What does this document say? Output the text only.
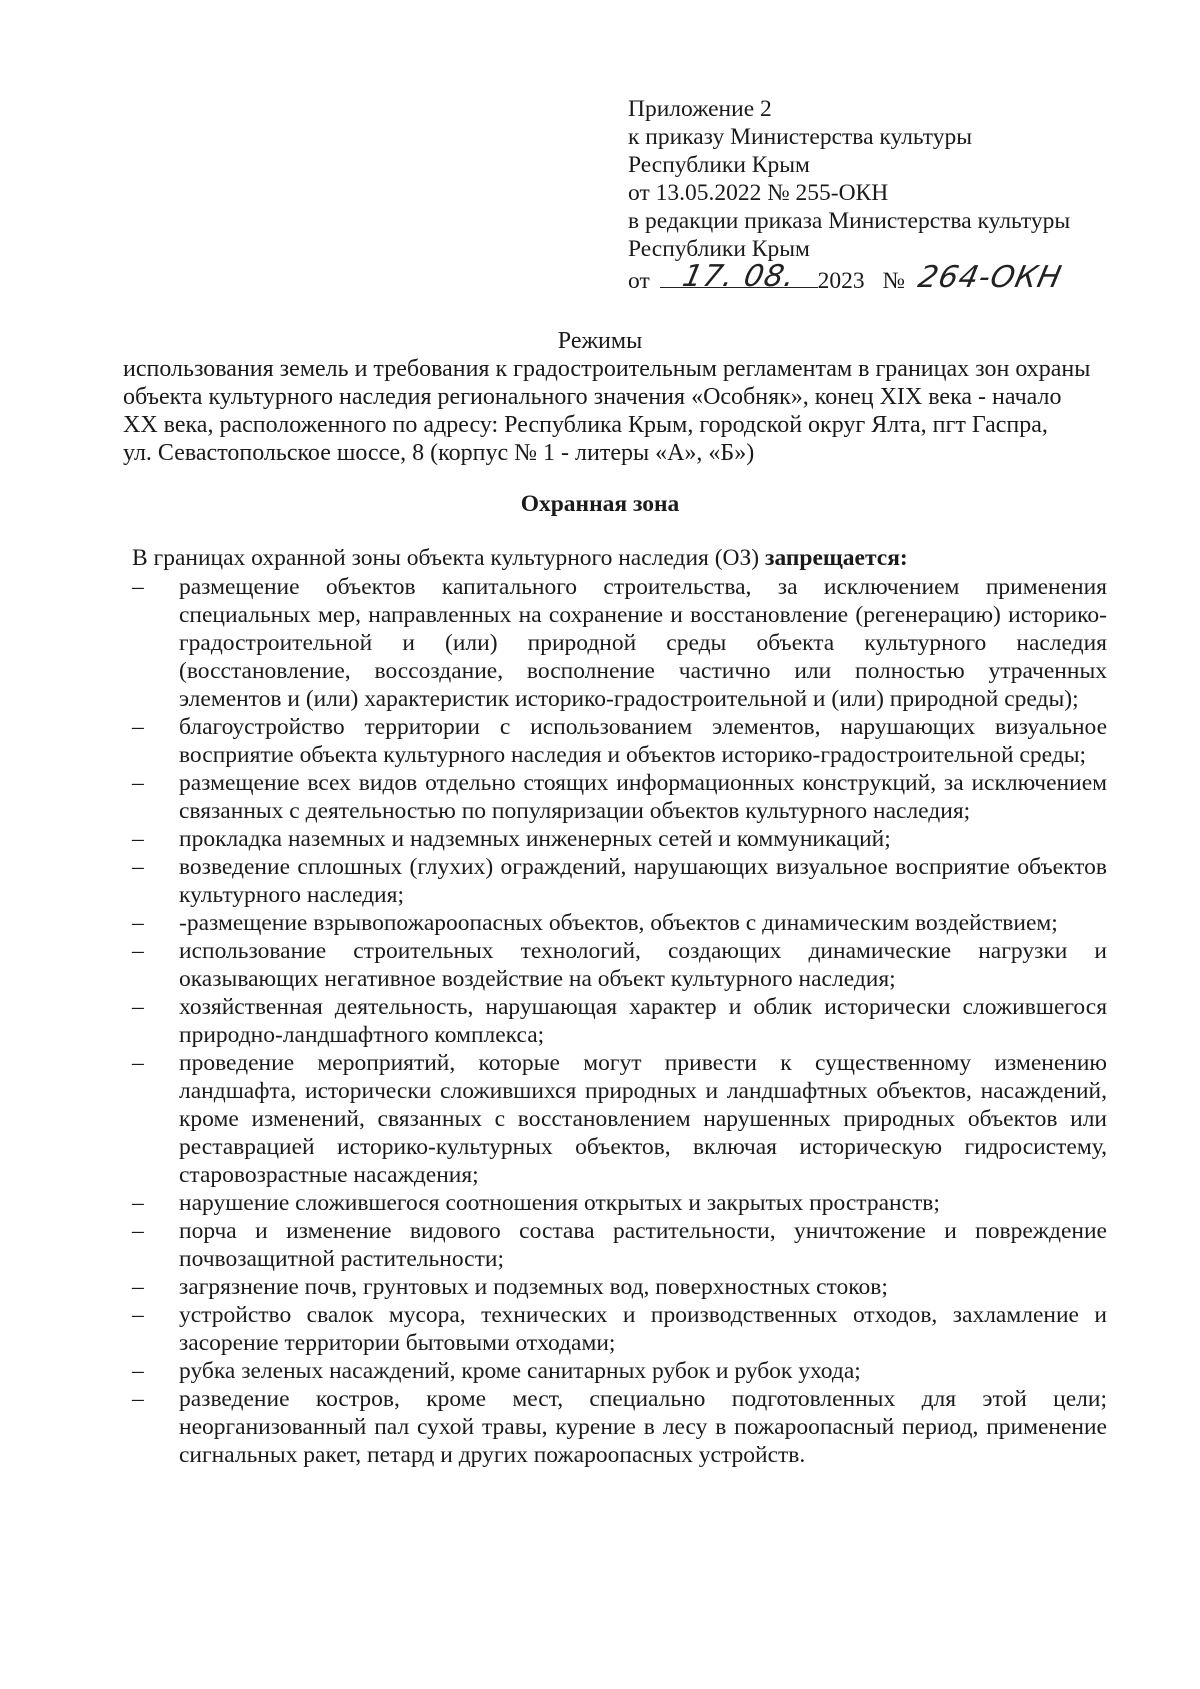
Приложение 2
к приказу Министерства культуры
Республики Крым
от 13.05.2022 № 255-ОКН
в редакции приказа Министерства культуры
Республики Крым
от 17. 08. 2023 № 264-ОКН
Режимы
использования земель и требования к градостроительным регламентам в границах зон охраны
объекта культурного наследия регионального значения «Особняк», конец XIX века - начало
XX века, расположенного по адресу: Республика Крым, городской округ Ялта, пгт Гаспра,
ул. Севастопольское шоссе, 8 (корпус № 1 - литеры «А», «Б»)
Охранная зона
В границах охранной зоны объекта культурного наследия (ОЗ) запрещается:
– размещение объектов капитального строительства, за исключением применения специальных мер, направленных на сохранение и восстановление (регенерацию) историко-градостроительной и (или) природной среды объекта культурного наследия (восстановление, воссоздание, восполнение частично или полностью утраченных элементов и (или) характеристик историко-градостроительной и (или) природной среды);
– благоустройство территории с использованием элементов, нарушающих визуальное восприятие объекта культурного наследия и объектов историко-градостроительной среды;
– размещение всех видов отдельно стоящих информационных конструкций, за исключением связанных с деятельностью по популяризации объектов культурного наследия;
– прокладка наземных и надземных инженерных сетей и коммуникаций;
– возведение сплошных (глухих) ограждений, нарушающих визуальное восприятие объектов культурного наследия;
– -размещение взрывопожароопасных объектов, объектов с динамическим воздействием;
– использование строительных технологий, создающих динамические нагрузки и оказывающих негативное воздействие на объект культурного наследия;
– хозяйственная деятельность, нарушающая характер и облик исторически сложившегося природно-ландшафтного комплекса;
– проведение мероприятий, которые могут привести к существенному изменению ландшафта, исторически сложившихся природных и ландшафтных объектов, насаждений, кроме изменений, связанных с восстановлением нарушенных природных объектов или реставрацией историко-культурных объектов, включая историческую гидросистему, старовозрастные насаждения;
– нарушение сложившегося соотношения открытых и закрытых пространств;
– порча и изменение видового состава растительности, уничтожение и повреждение почвозащитной растительности;
– загрязнение почв, грунтовых и подземных вод, поверхностных стоков;
– устройство свалок мусора, технических и производственных отходов, захламление и засорение территории бытовыми отходами;
– рубка зеленых насаждений, кроме санитарных рубок и рубок ухода;
– разведение костров, кроме мест, специально подготовленных для этой цели; неорганизованный пал сухой травы, курение в лесу в пожароопасный период, применение сигнальных ракет, петард и других пожароопасных устройств.
